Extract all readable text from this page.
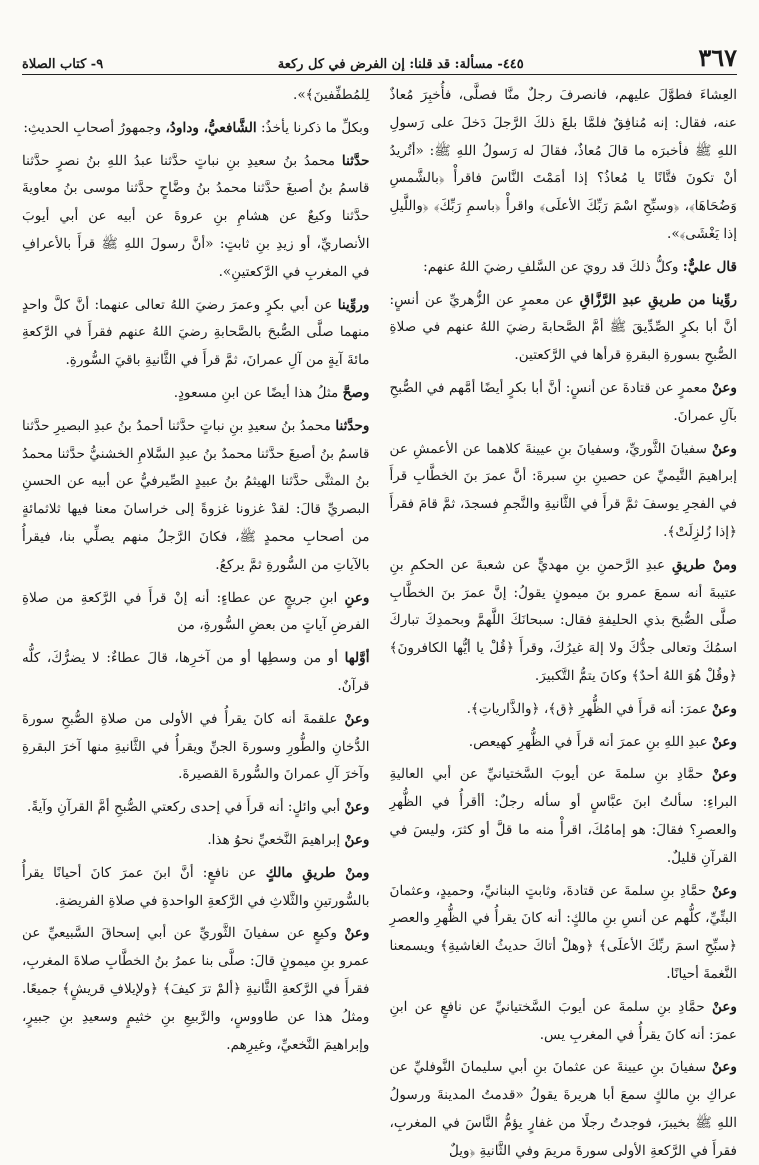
٣٦٧
٤٤٥- مسألة: قد قلنا: إن الفرض في كل ركعة
٩- كتاب الصلاة

العِشاءَ فطوَّلَ عليهم، فانصرفَ رجلٌ منَّا فصلَّى، فأُخبِرَ مُعاذٌ عنه، فقال: إنه مُنافِقٌ فلمَّا بلغَ ذلكَ الرَّجلَ دَخلَ على رَسولِ اللهِ ﷺ فأخبرَه ما قالَ مُعاذٌ، فقالَ له رَسولُ اللهِ ﷺ: «أتُريدُ أنْ تكونَ فتَّانًا يا مُعاذُ؟ إذا أمَمْتَ النَّاسَ فاقرأْ ﴿بالشَّمسِ وَضُحَاهَا﴾، ﴿وسبِّحِ اسْمَ رَبِّكَ الأعلَى﴾ واقرأْ ﴿باسمِ رَبِّكَ﴾ ﴿واللَّيلِ إذا يَغْشَى﴾».

قال عليٌّ: وكلُّ ذلكَ قد رويَ عن السَّلفِ رضيَ اللهُ عنهم:

روِّينا من طريقِ عبدِ الرَّزَّاقِ عن معمرٍ عن الزُّهريِّ عن أنسٍ: أنَّ أبا بكرٍ الصِّدِّيقَ ﷺ أمَّ الصَّحابةَ رضيَ اللهُ عنهم في صلاةِ الصُّبحِ بسورةِ البقرةِ قرأها في الرَّكعتين.

وعنْ معمرٍ عن قتادةَ عن أنسٍ: أنَّ أبا بكرٍ أيضًا أمَّهم في الصُّبحِ بآلِ عمرانَ.

وعنْ سفيانَ الثَّوريِّ، وسفيانَ بنِ عيينةَ كلاهما عن الأعمشِ عن إبراهيمَ التَّيميِّ عن حصينِ بنِ سبرةَ: أنَّ عمرَ بنَ الخطَّابِ قرأَ في الفجرِ يوسفَ ثمَّ قرأَ في الثَّانيةِ والنَّجمِ فسجدَ، ثمَّ قامَ فقرأَ ﴿إذا زُلزِلَتْ﴾.

ومنْ طريقِ عبدِ الرَّحمنِ بنِ مهديٍّ عن شعبةَ عن الحكمِ بنِ عتيبةَ أنه سمعَ عمرو بنَ ميمونٍ يقولُ: إنَّ عمرَ بنَ الخطَّابِ صلَّى الصُّبحَ بذي الحليفةِ فقال: سبحانَكَ اللَّهمَّ وبحمدِكَ تباركَ اسمُكَ وتعالى جدُّكَ ولا إلهَ غيرُكَ، وقرأَ ﴿قُلْ يا أيُّها الكافرونَ﴾ ﴿وقُلْ هُوَ اللهُ أحدٌ﴾ وكانَ يتمُّ التَّكبيرَ.

وعنْ عمرَ: أنه قرأَ في الظُّهرِ ﴿ق﴾، ﴿والذَّارياتِ﴾.

وعنْ عبدِ اللهِ بنِ عمرَ أنه قرأَ في الظُّهرِ كهيعص.

وعنْ حمَّادِ بنِ سلمةَ عن أيوبَ السَّختيانيِّ عن أبي العاليةِ البراءِ: سألتُ ابنَ عبَّاسٍ أو سأله رجلٌ: أأقرأُ في الظُّهرِ والعصرِ؟ فقالَ: هو إمامُكَ، اقرأْ منه ما قلَّ أو كثرَ، وليسَ في القرآنِ قليلٌ.

وعنْ حمَّادِ بنِ سلمةَ عن قتادةَ، وثابتٍ البنانيِّ، وحميدٍ، وعثمانَ البتِّيِّ، كلُّهم عن أنسِ بنِ مالكٍ: أنه كانَ يقرأُ في الظُّهرِ والعصرِ ﴿سبِّحِ اسمَ ربِّكَ الأعلَى﴾ ﴿وهلْ أتاكَ حديثُ الغاشيةِ﴾ ويسمعنا النَّغمةَ أحيانًا.

وعنْ حمَّادِ بنِ سلمةَ عن أيوبَ السَّختيانيِّ عن نافعٍ عن ابنِ عمرَ: أنه كانَ يقرأُ في المغربِ يس.

وعنْ سفيانَ بنِ عيينةَ عن عثمانَ بنِ أبي سليمانَ النَّوفليِّ عن عراكِ بنِ مالكٍ سمعَ أبا هريرةَ يقولُ «قدمتُ المدينةَ ورسولُ اللهِ ﷺ بخيبرَ، فوجدتُ رجلًا من غفارٍ يؤمُّ النَّاسَ في المغربِ، فقرأَ في الرَّكعةِ الأولى سورةَ مريمَ وفي الثَّانيةِ ﴿ويلٌ

لِلمُطفِّفينَ﴾».

وبكلِّ ما ذكرنا يأخذُ: الشَّافعيُّ، وداودُ، وجمهورُ أصحابِ الحديثِ:

حدَّثنا محمدُ بنُ سعيدِ بنِ نباتٍ حدَّثنا عبدُ اللهِ بنُ نصرٍ حدَّثنا قاسمُ بنُ أصبغَ حدَّثنا محمدُ بنُ وضَّاحٍ حدَّثنا موسى بنُ معاويةَ حدَّثنا وكيعٌ عن هشامِ بنِ عروةَ عن أبيه عن أبي أيوبَ الأنصاريِّ، أو زيدِ بنِ ثابتٍ: «أنَّ رسولَ اللهِ ﷺ قرأَ بالأعرافِ في المغربِ في الرَّكعتينِ».

وروِّينا عن أبي بكرٍ وعمرَ رضيَ اللهُ تعالى عنهما: أنَّ كلَّ واحدٍ منهما صلَّى الصُّبحَ بالصَّحابةِ رضيَ اللهُ عنهم فقرأَ في الرَّكعةِ مائةَ آيةٍ من آلِ عمرانَ، ثمَّ قرأَ في الثَّانيةِ باقيَ السُّورةِ.

وصحَّ مثلُ هذا أيضًا عن ابنِ مسعودٍ.

وحدَّثنا محمدُ بنُ سعيدِ بنِ نباتٍ حدَّثنا أحمدُ بنُ عبدِ البصيرِ حدَّثنا قاسمُ بنُ أصبغَ حدَّثنا محمدُ بنُ عبدِ السَّلامِ الخشنيُّ حدَّثنا محمدُ بنُ المثنَّى حدَّثنا الهيثمُ بنُ عبيدٍ الصِّيرفيُّ عن أبيه عن الحسنِ البصريِّ قالَ: لقدْ غزونا غزوةً إلى خراسانَ معنا فيها ثلاثمائةٍ من أصحابِ محمدٍ ﷺ، فكانَ الرَّجلُ منهم يصلِّي بنا، فيقرأُ بالآياتِ من السُّورةِ ثمَّ يركعُ.

وعنِ ابنِ جريجٍ عن عطاءٍ: أنه إنْ قرأَ في الرَّكعةِ من صلاةِ الفرضِ آياتٍ من بعضِ السُّورةِ، من

أوَّلها أو من وسطِها أو من آخرِها، قالَ عطاءٌ: لا يضرُّكَ، كلُّه قرآنٌ.

وعنْ علقمةَ أنه كانَ يقرأُ في الأولى من صلاةِ الصُّبحِ سورةَ الدُّخانِ والطُّورِ وسورةَ الجنِّ ويقرأُ في الثَّانيةِ منها آخرَ البقرةِ وآخرَ آلِ عمرانَ والسُّورةَ القصيرةَ.

وعنْ أبي وائلٍ: أنه قرأَ في إحدى ركعتي الصُّبحِ أمَّ القرآنِ وآيةً.

وعنْ إبراهيمَ النَّخعيِّ نحوُ هذا.

ومنْ طريقِ مالكٍ عن نافعٍ: أنَّ ابنَ عمرَ كانَ أحيانًا يقرأُ بالسُّورتينِ والثَّلاثِ في الرَّكعةِ الواحدةِ في صلاةِ الفريضةِ.

وعنْ وكيعٍ عن سفيانَ الثَّوريِّ عن أبي إسحاقَ السَّبيعيِّ عن عمرو بنِ ميمونٍ قالَ: صلَّى بنا عمرُ بنُ الخطَّابِ صلاةَ المغربِ، فقرأَ في الرَّكعةِ الثَّانيةِ ﴿ألمْ ترَ كيفَ﴾ ﴿ولإيلافِ قريشٍ﴾ جميعًا. ومثلُ هذا عن طاووسٍ، والرَّبيعِ بنِ خثيمٍ وسعيدِ بنِ جبيرٍ، وإبراهيمَ النَّخعيِّ، وغيرِهم.
